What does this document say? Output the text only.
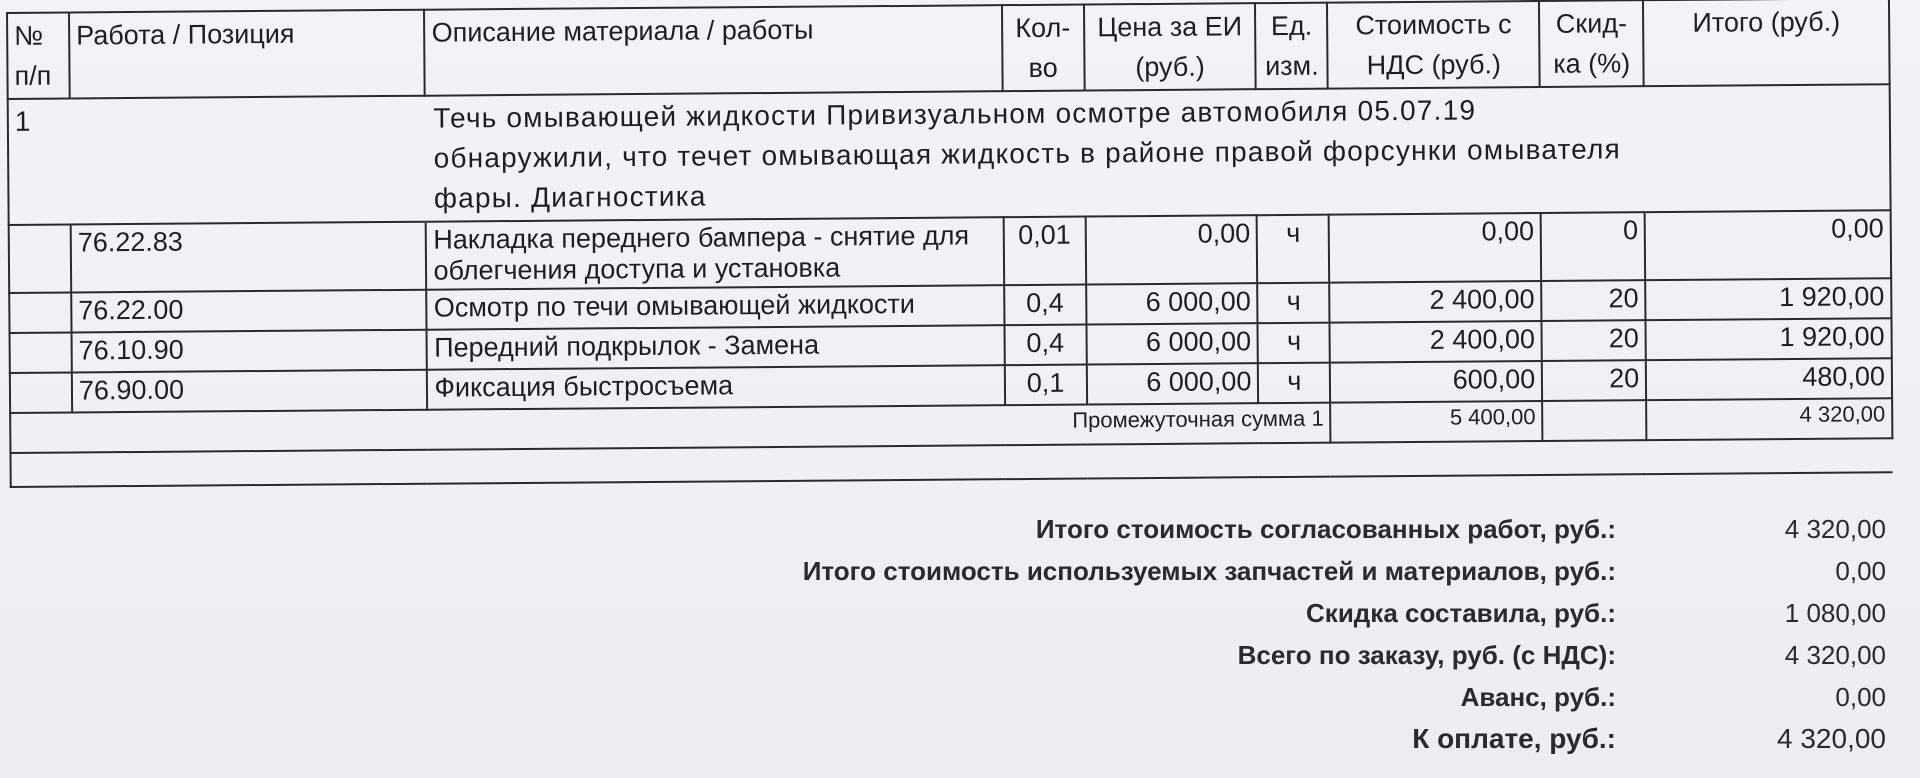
№ п/п	Работа / Позиция	Описание материала / работы	Кол-во	Цена за ЕИ (руб.)	Ед. изм.	Стоимость с НДС (руб.)	Скид-ка (%)	Итого (руб.)
1		Течь омывающей жидкости Привизуальном осмотре автомобиля 05.07.19 обнаружили, что течет омывающая жидкость в районе правой форсунки омывателя фары. Диагностика						
	76.22.83	Накладка переднего бампера - снятие для облегчения доступа и установка	0,01	0,00	ч	0,00	0	0,00
	76.22.00	Осмотр по течи омывающей жидкости	0,4	6 000,00	ч	2 400,00	20	1 920,00
	76.10.90	Передний подкрылок - Замена	0,4	6 000,00	ч	2 400,00	20	1 920,00
	76.90.00	Фиксация быстросъема	0,1	6 000,00	ч	600,00	20	480,00
Промежуточная сумма 1						5 400,00		4 320,00

Итого стоимость согласованных работ, руб.:	4 320,00
Итого стоимость используемых запчастей и материалов, руб.:	0,00
Скидка составила, руб.:	1 080,00
Всего по заказу, руб. (с НДС):	4 320,00
Аванс, руб.:	0,00
К оплате, руб.:	4 320,00
